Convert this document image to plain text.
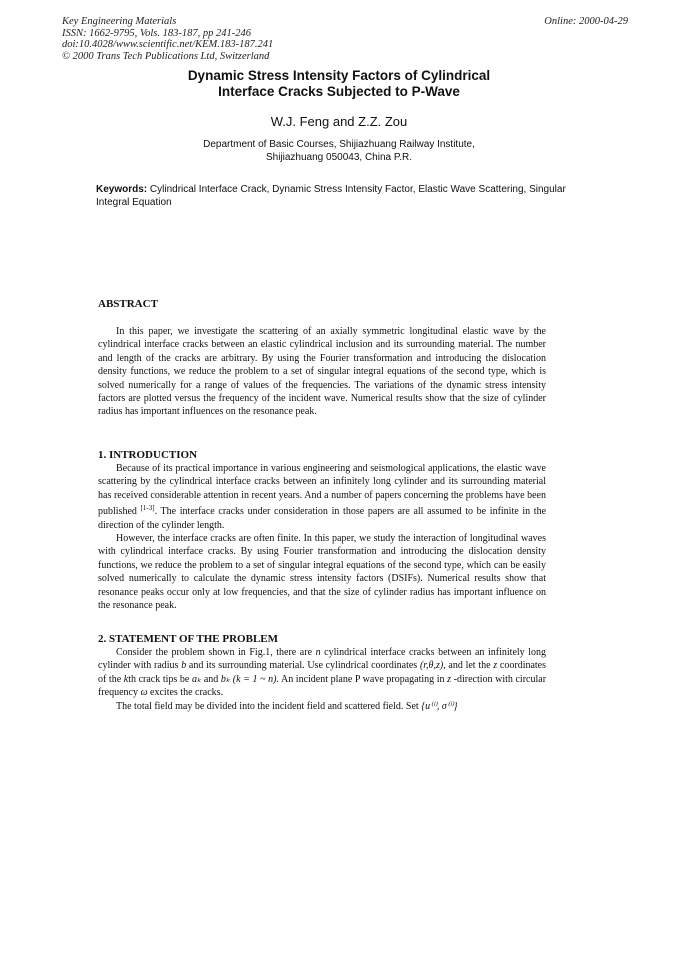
Key Engineering Materials
ISSN: 1662-9795, Vols. 183-187, pp 241-246
doi:10.4028/www.scientific.net/KEM.183-187.241
© 2000 Trans Tech Publications Ltd, Switzerland
Online: 2000-04-29
Dynamic Stress Intensity Factors of Cylindrical
Interface Cracks Subjected to P-Wave
W.J. Feng and Z.Z. Zou
Department of Basic Courses, Shijiazhuang Railway Institute,
Shijiazhuang 050043, China P.R.
Keywords: Cylindrical Interface Crack, Dynamic Stress Intensity Factor, Elastic Wave Scattering, Singular Integral Equation

ABSTRACT

In this paper, we investigate the scattering of an axially symmetric longitudinal elastic wave by the cylindrical interface cracks between an elastic cylindrical inclusion and its surrounding material. The number and length of the cracks are arbitrary. By using the Fourier transformation and introducing the dislocation density functions, we reduce the problem to a set of singular integral equations of the second type, which is solved numerically for a range of values of the frequencies. The variations of the dynamic stress intensity factors are plotted versus the frequency of the incident wave. Numerical results show that the size of cylinder radius has important influences on the resonance peak.

1. INTRODUCTION

Because of its practical importance in various engineering and seismological applications, the elastic wave scattering by the cylindrical interface cracks between an infinitely long cylinder and its surrounding material has received considerable attention in recent years. And a number of papers concerning the problems have been published [1-3]. The interface cracks under consideration in those papers are all assumed to be infinite in the direction of the cylinder length.

However, the interface cracks are often finite. In this paper, we study the interaction of longitudinal waves with cylindrical interface cracks. By using Fourier transformation and introducing the dislocation density functions, we reduce the problem to a set of singular integral equations of the second type, which can be easily solved numerically to calculate the dynamic stress intensity factors (DSIFs). Numerical results show that resonance peaks occur only at low frequencies, and that the size of cylinder radius has important influence on the resonance peak.

2. STATEMENT OF THE PROBLEM

Consider the problem shown in Fig.1, there are n cylindrical interface cracks between an infinitely long cylinder with radius b and its surrounding material. Use cylindrical coordinates (r,θ,z), and let the z coordinates of the kth crack tips be aₖ and bₖ (k = 1 ~ n). An incident plane P wave propagating in z -direction with circular frequency ω excites the cracks.

The total field may be divided into the incident field and scattered field. Set {u⁽ⁱ⁾, σ⁽ⁱ⁾}
